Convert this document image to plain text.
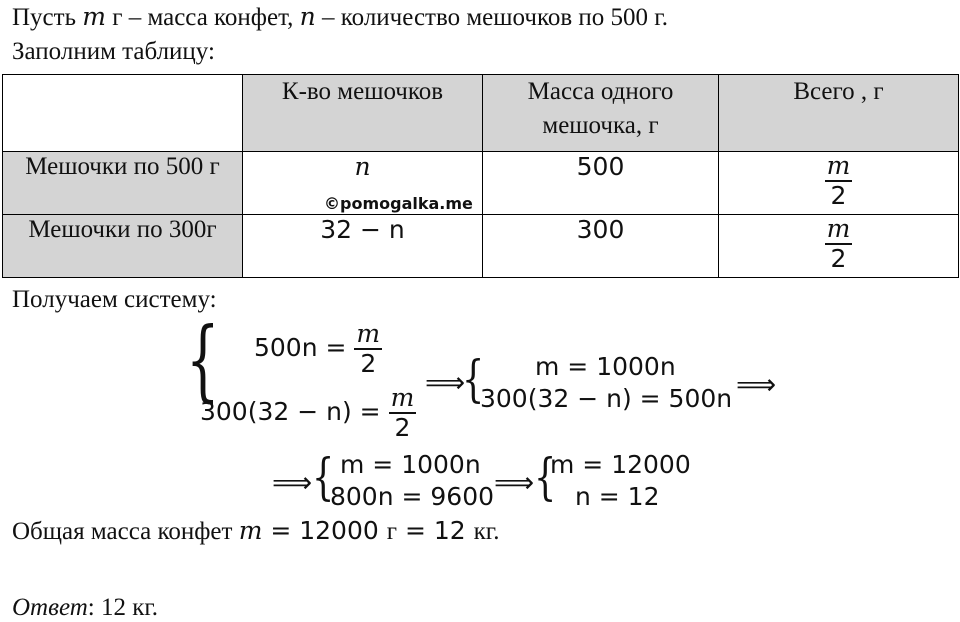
Пусть m г – масса конфет, n – количество мешочков по 500 г.
Заполним таблицу:
	К-во мешочков	Масса одного мешочка, г	Всего , г
Мешочки по 500 г	n	500	$\frac{m}{2}$

Мешочки по 300г	32 − n	300	$\frac{m}{2}$
©pomogalka.me
Получаем систему:
{ $500n = \frac{m}{2}$
$300(32 - n) = \frac{m}{2}$
⟹
{ m = 1000n
300(32 − n) = 500n ⟹
⟹ { m = 1000n
800n = 9600 ⟹ {
m = 12000
n = 12
Общая масса конфет m = 12000 г = 12 кг.
Ответ: 12 кг.
